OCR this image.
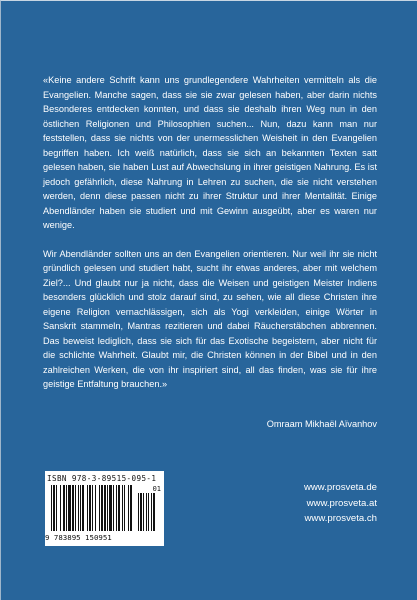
«Keine andere Schrift kann uns grundlegendere Wahrheiten vermitteln als die Evangelien. Manche sagen, dass sie sie zwar gelesen haben, aber darin nichts Besonderes entdecken konnten, und dass sie deshalb ihren Weg nun in den östlichen Religionen und Philosophien suchen... Nun, dazu kann man nur feststellen, dass sie nichts von der unermesslichen Weisheit in den Evangelien begriffen haben. Ich weiß natürlich, dass sie sich an bekannten Texten satt gelesen haben, sie haben Lust auf Abwechslung in ihrer geistigen Nahrung. Es ist jedoch gefährlich, diese Nahrung in Lehren zu suchen, die sie nicht verstehen werden, denn diese passen nicht zu ihrer Struktur und ihrer Mentalität. Einige Abendländer haben sie studiert und mit Gewinn ausgeübt, aber es waren nur wenige.

Wir Abendländer sollten uns an den Evangelien orientieren. Nur weil ihr sie nicht gründlich gelesen und studiert habt, sucht ihr etwas anderes, aber mit welchem Ziel?... Und glaubt nur ja nicht, dass die Weisen und geistigen Meister Indiens besonders glücklich und stolz darauf sind, zu sehen, wie all diese Christen ihre eigene Religion vernachlässigen, sich als Yogi verkleiden, einige Wörter in Sanskrit stammeln, Mantras rezitieren und dabei Räucherstäbchen abbrennen. Das beweist lediglich, dass sie sich für das Exotische begeistern, aber nicht für die schlichte Wahrheit. Glaubt mir, die Christen können in der Bibel und in den zahlreichen Werken, die von ihr inspiriert sind, all das finden, was sie für ihre geistige Entfaltung brauchen.»

Omraam Mikhaël Aïvanhov
ISBN 978-3-89515-095-1
01
9 783895 150951
www.prosveta.de
www.prosveta.at
www.prosveta.ch
